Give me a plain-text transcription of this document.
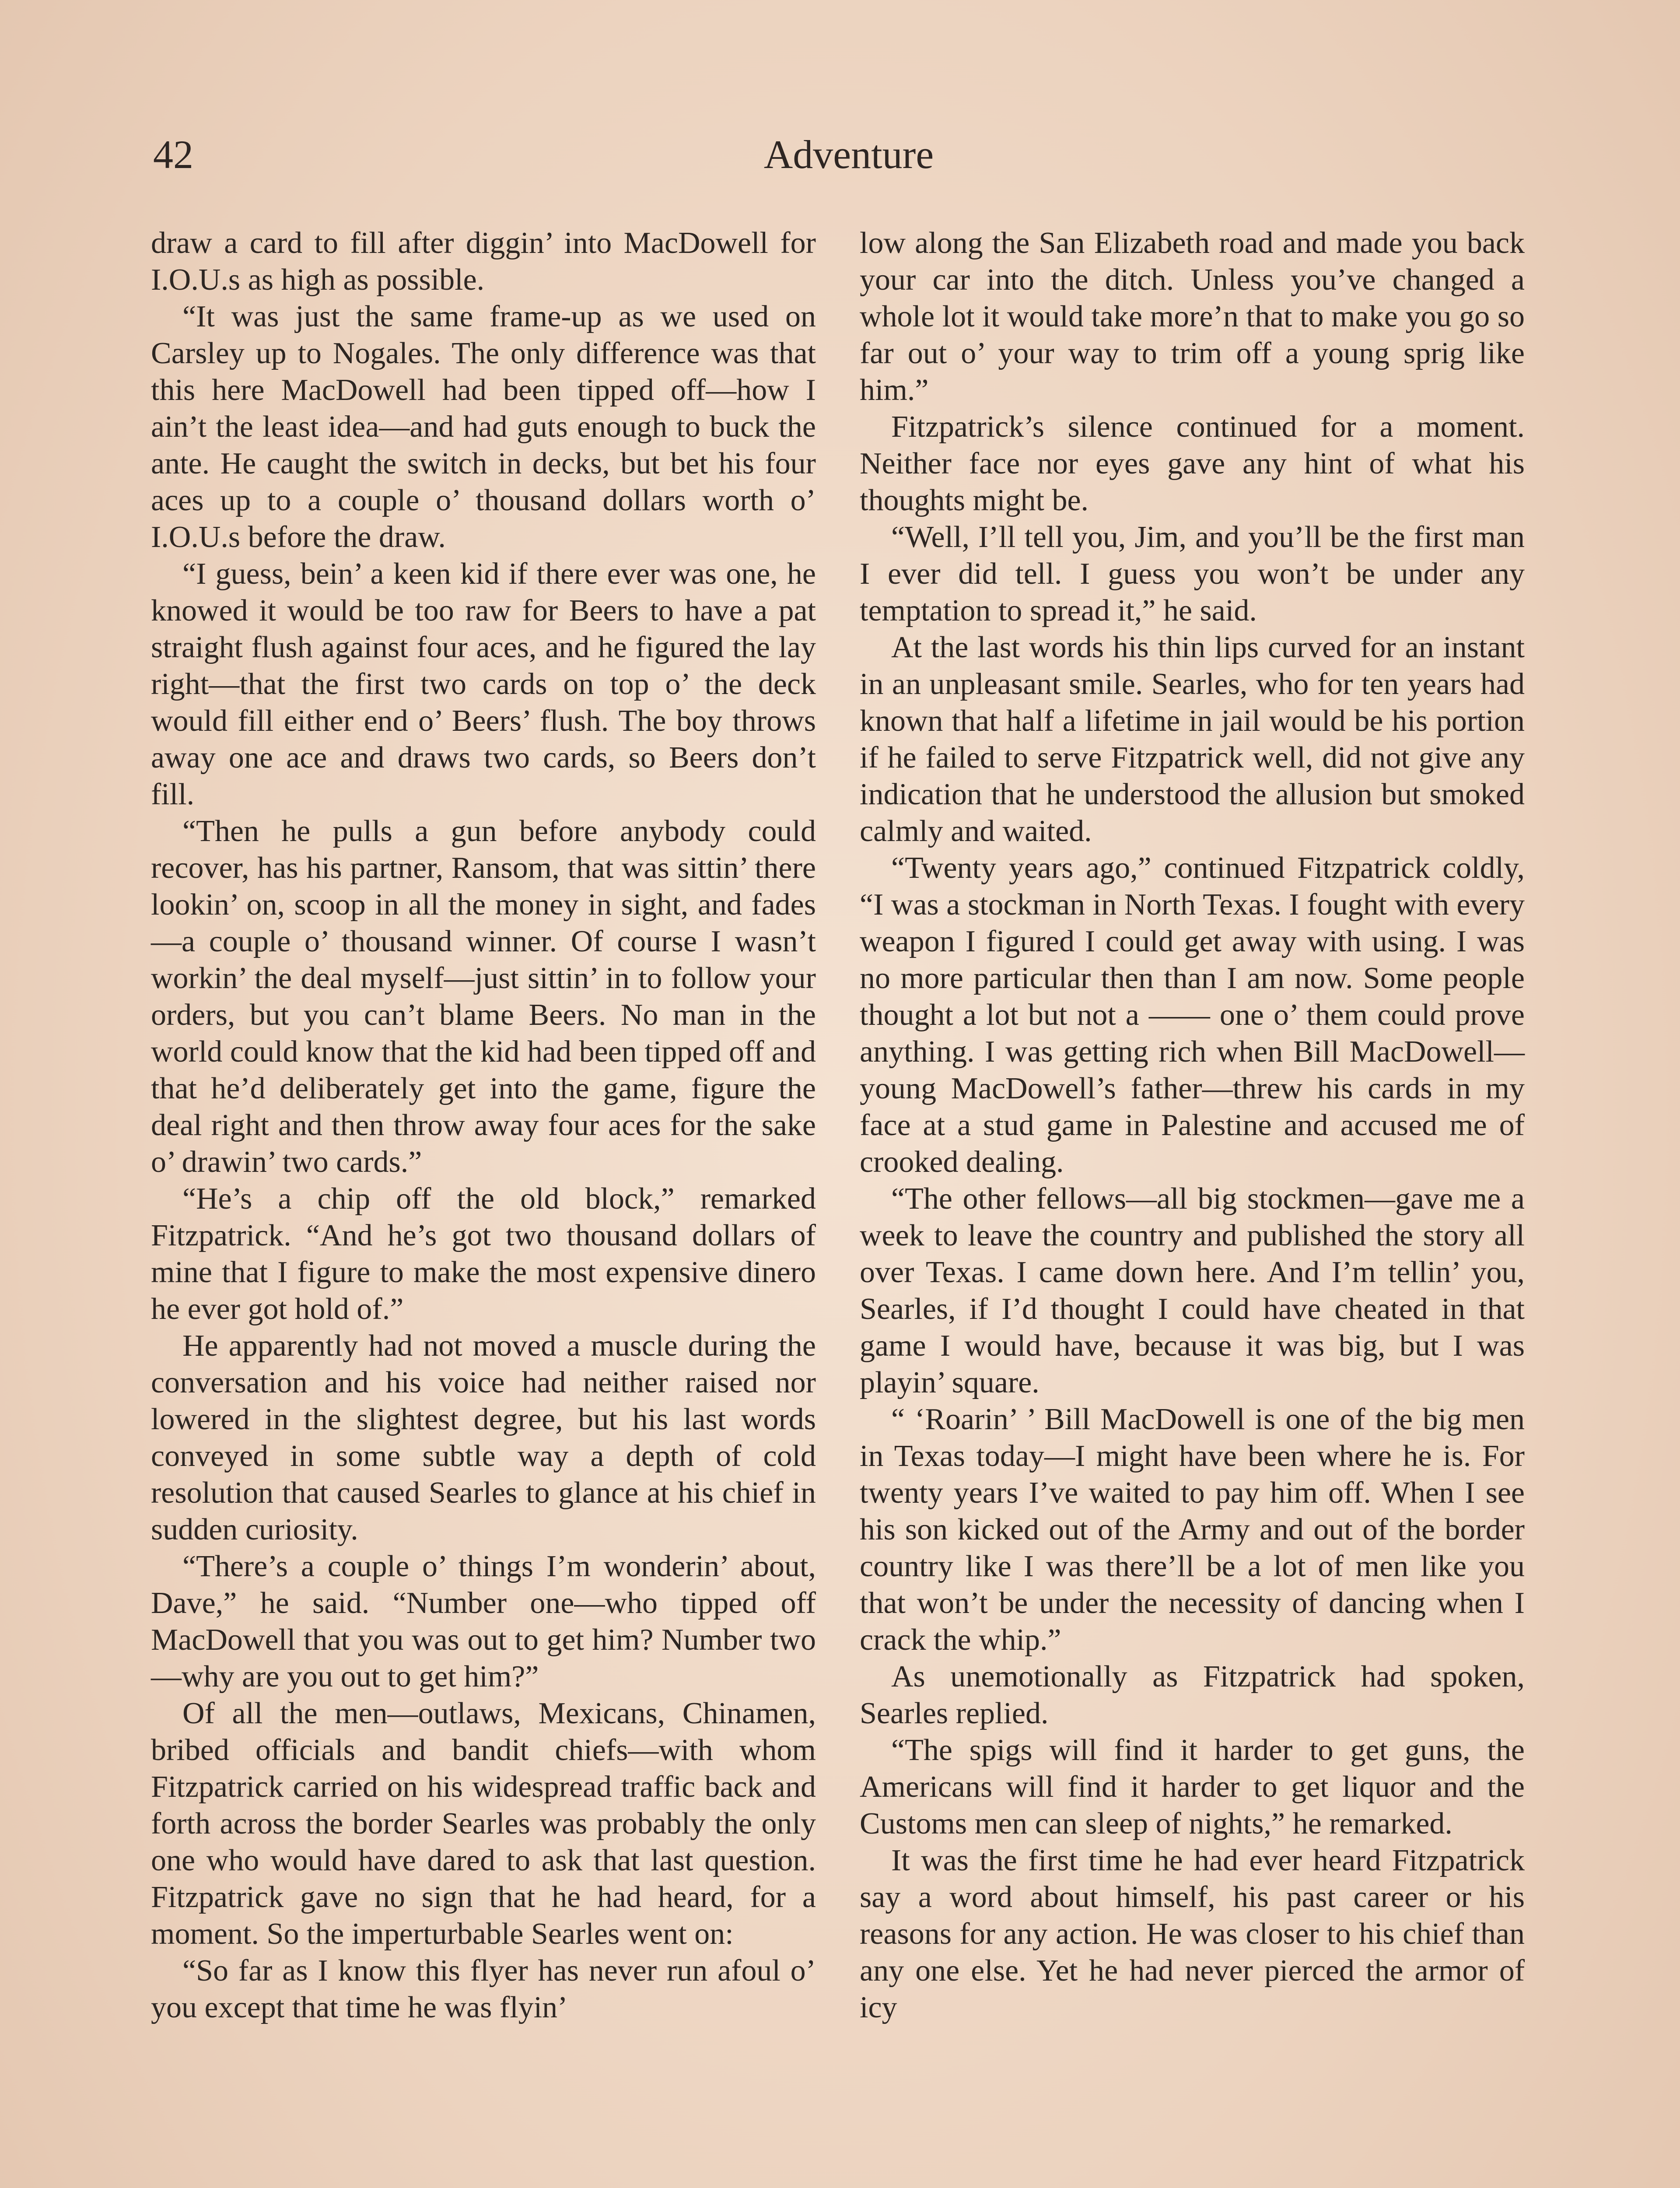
42	Adventure

draw a card to fill after diggin’ into MacDowell for I.O.U.s as high as possible.

“It was just the same frame-up as we used on Carsley up to Nogales. The only difference was that this here MacDowell had been tipped off—how I ain’t the least idea—and had guts enough to buck the ante. He caught the switch in decks, but bet his four aces up to a couple o’ thousand dollars worth o’ I.O.U.s before the draw.

“I guess, bein’ a keen kid if there ever was one, he knowed it would be too raw for Beers to have a pat straight flush against four aces, and he figured the lay right—that the first two cards on top o’ the deck would fill either end o’ Beers’ flush. The boy throws away one ace and draws two cards, so Beers don’t fill.

“Then he pulls a gun before anybody could recover, has his partner, Ransom, that was sittin’ there lookin’ on, scoop in all the money in sight, and fades—a couple o’ thousand winner. Of course I wasn’t workin’ the deal myself—just sittin’ in to follow your orders, but you can’t blame Beers. No man in the world could know that the kid had been tipped off and that he’d deliberately get into the game, figure the deal right and then throw away four aces for the sake o’ drawin’ two cards.”

“He’s a chip off the old block,” remarked Fitzpatrick. “And he’s got two thousand dollars of mine that I figure to make the most expensive dinero he ever got hold of.”

He apparently had not moved a muscle during the conversation and his voice had neither raised nor lowered in the slightest degree, but his last words conveyed in some subtle way a depth of cold resolution that caused Searles to glance at his chief in sudden curiosity.

“There’s a couple o’ things I’m wonderin’ about, Dave,” he said. “Number one—who tipped off MacDowell that you was out to get him? Number two—why are you out to get him?”

Of all the men—outlaws, Mexicans, Chinamen, bribed officials and bandit chiefs—with whom Fitzpatrick carried on his widespread traffic back and forth across the border Searles was probably the only one who would have dared to ask that last question. Fitzpatrick gave no sign that he had heard, for a moment. So the imperturbable Searles went on:

“So far as I know this flyer has never run afoul o’ you except that time he was flyin’

low along the San Elizabeth road and made you back your car into the ditch. Unless you’ve changed a whole lot it would take more’n that to make you go so far out o’ your way to trim off a young sprig like him.”

Fitzpatrick’s silence continued for a moment. Neither face nor eyes gave any hint of what his thoughts might be.

“Well, I’ll tell you, Jim, and you’ll be the first man I ever did tell. I guess you won’t be under any temptation to spread it,” he said.

At the last words his thin lips curved for an instant in an unpleasant smile. Searles, who for ten years had known that half a lifetime in jail would be his portion if he failed to serve Fitzpatrick well, did not give any indication that he understood the allusion but smoked calmly and waited.

“Twenty years ago,” continued Fitzpatrick coldly, “I was a stockman in North Texas. I fought with every weapon I figured I could get away with using. I was no more particular then than I am now. Some people thought a lot but not a —— one o’ them could prove anything. I was getting rich when Bill MacDowell—young MacDowell’s father—threw his cards in my face at a stud game in Palestine and accused me of crooked dealing.

“The other fellows—all big stockmen—gave me a week to leave the country and published the story all over Texas. I came down here. And I’m tellin’ you, Searles, if I’d thought I could have cheated in that game I would have, because it was big, but I was playin’ square.

“ ‘Roarin’ ’ Bill MacDowell is one of the big men in Texas today—I might have been where he is. For twenty years I’ve waited to pay him off. When I see his son kicked out of the Army and out of the border country like I was there’ll be a lot of men like you that won’t be under the necessity of dancing when I crack the whip.”

As unemotionally as Fitzpatrick had spoken, Searles replied.

“The spigs will find it harder to get guns, the Americans will find it harder to get liquor and the Customs men can sleep of nights,” he remarked.

It was the first time he had ever heard Fitzpatrick say a word about himself, his past career or his reasons for any action. He was closer to his chief than any one else. Yet he had never pierced the armor of icy
